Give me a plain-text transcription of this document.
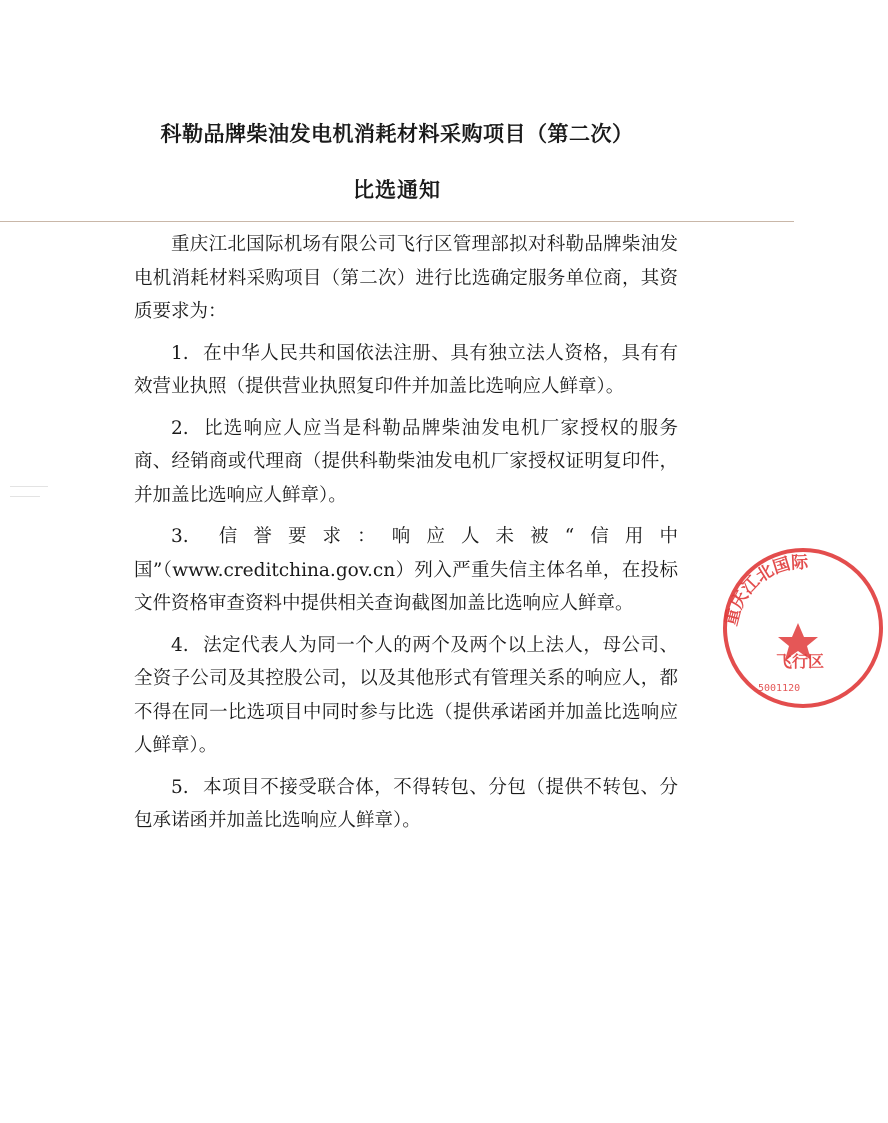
科勒品牌柴油发电机消耗材料采购项目（第二次）
比选通知

重庆江北国际机场有限公司飞行区管理部拟对科勒品牌柴油发电机消耗材料采购项目（第二次）进行比选确定服务单位商，其资质要求为：

1. 在中华人民共和国依法注册、具有独立法人资格，具有有效营业执照（提供营业执照复印件并加盖比选响应人鲜章）。

2. 比选响应人应当是科勒品牌柴油发电机厂家授权的服务商、经销商或代理商（提供科勒柴油发电机厂家授权证明复印件，并加盖比选响应人鲜章）。

3. 信誉要求：响应人未被“信用中国”（www.creditchina.gov.cn）列入严重失信主体名单，在投标文件资格审查资料中提供相关查询截图加盖比选响应人鲜章。

4. 法定代表人为同一个人的两个及两个以上法人，母公司、全资子公司及其控股公司，以及其他形式有管理关系的响应人，都不得在同一比选项目中同时参与比选（提供承诺函并加盖比选响应人鲜章）。

5. 本项目不接受联合体，不得转包、分包（提供不转包、分包承诺函并加盖比选响应人鲜章）。

重庆江北国际
飞行区
5001120
